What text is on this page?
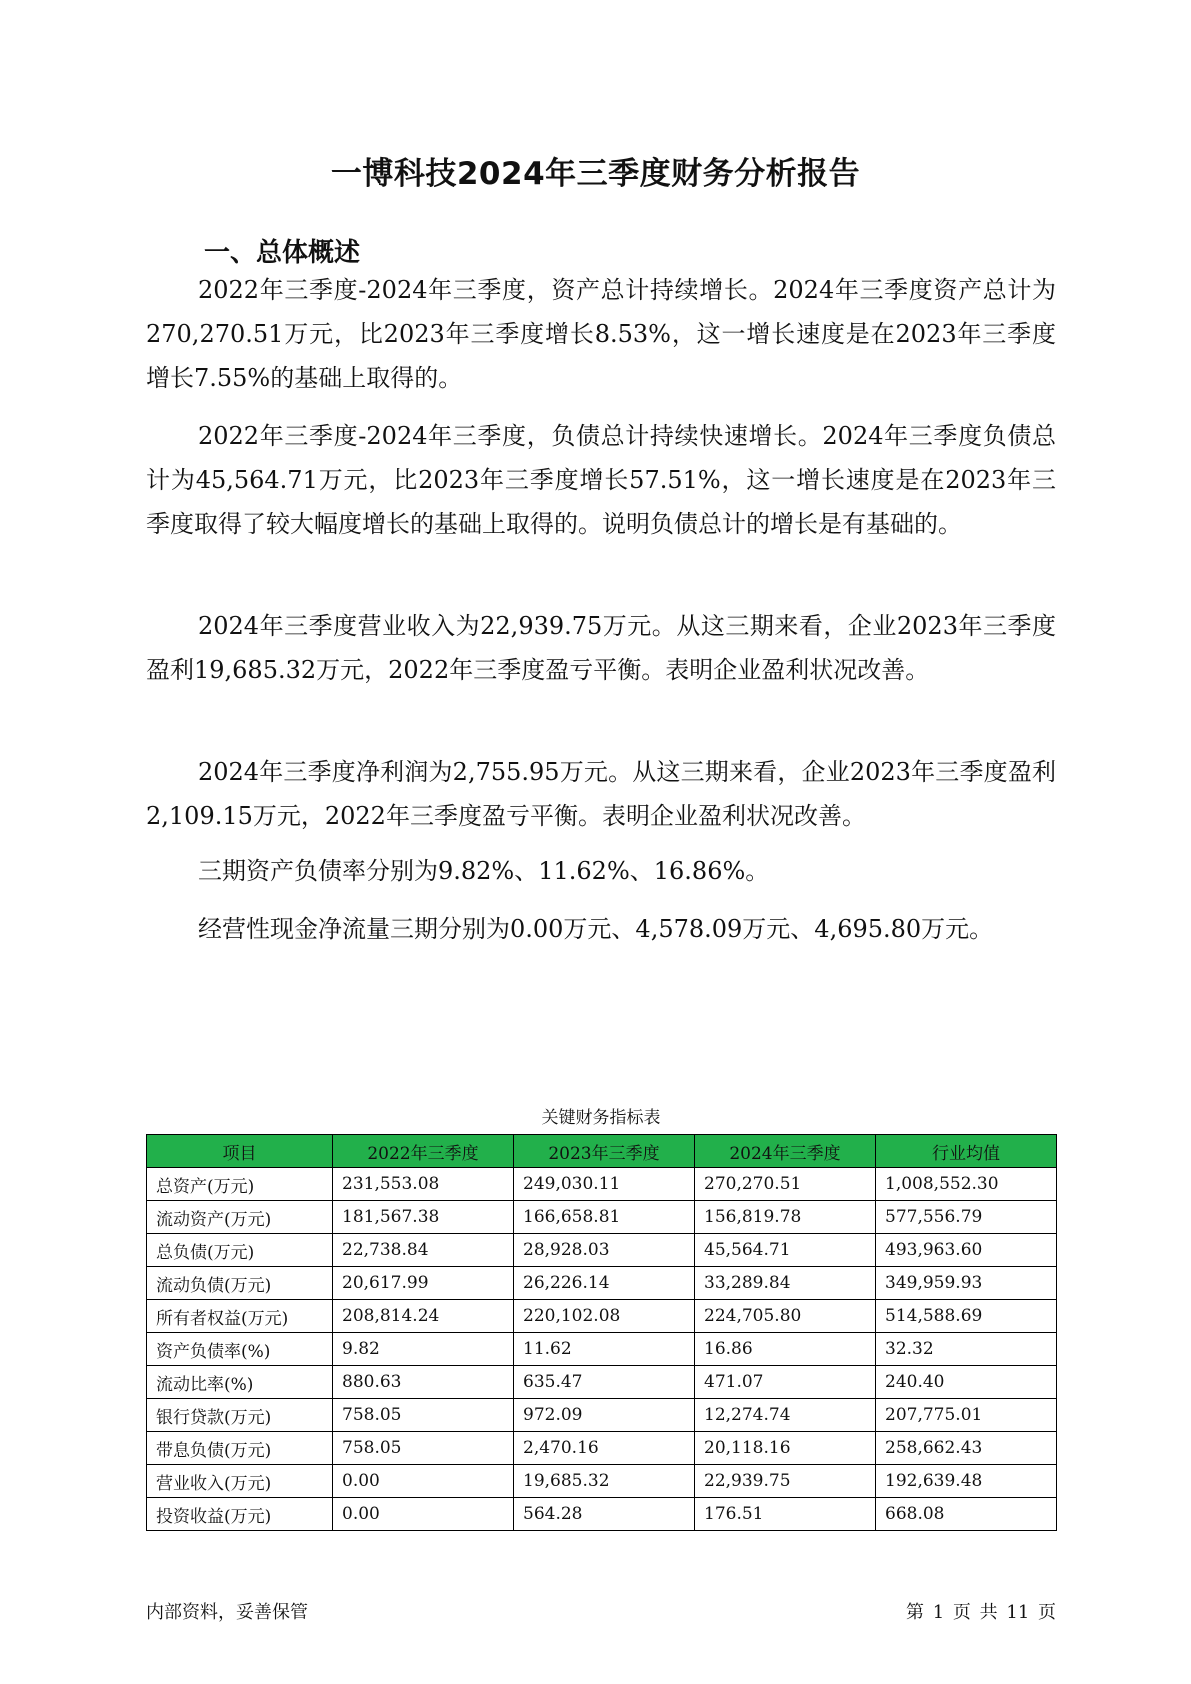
一博科技2024年三季度财务分析报告
一、总体概述

2022年三季度-2024年三季度，资产总计持续增长。2024年三季度资产总计为270,270.51万元，比2023年三季度增长8.53%，这一增长速度是在2023年三季度增长7.55%的基础上取得的。

2022年三季度-2024年三季度，负债总计持续快速增长。2024年三季度负债总计为45,564.71万元，比2023年三季度增长57.51%，这一增长速度是在2023年三季度取得了较大幅度增长的基础上取得的。说明负债总计的增长是有基础的。

2024年三季度营业收入为22,939.75万元。从这三期来看，企业2023年三季度盈利19,685.32万元，2022年三季度盈亏平衡。表明企业盈利状况改善。

2024年三季度净利润为2,755.95万元。从这三期来看，企业2023年三季度盈利2,109.15万元，2022年三季度盈亏平衡。表明企业盈利状况改善。

三期资产负债率分别为9.82%、11.62%、16.86%。

经营性现金净流量三期分别为0.00万元、4,578.09万元、4,695.80万元。

关键财务指标表
项目	2022年三季度	2023年三季度	2024年三季度	行业均值
总资产(万元)	231,553.08	249,030.11	270,270.51	1,008,552.30
流动资产(万元)	181,567.38	166,658.81	156,819.78	577,556.79
总负债(万元)	22,738.84	28,928.03	45,564.71	493,963.60
流动负债(万元)	20,617.99	26,226.14	33,289.84	349,959.93
所有者权益(万元)	208,814.24	220,102.08	224,705.80	514,588.69
资产负债率(%)	9.82	11.62	16.86	32.32
流动比率(%)	880.63	635.47	471.07	240.40
银行贷款(万元)	758.05	972.09	12,274.74	207,775.01
带息负债(万元)	758.05	2,470.16	20,118.16	258,662.43
营业收入(万元)	0.00	19,685.32	22,939.75	192,639.48
投资收益(万元)	0.00	564.28	176.51	668.08
内部资料，妥善保管	第 1 页 共 11 页
